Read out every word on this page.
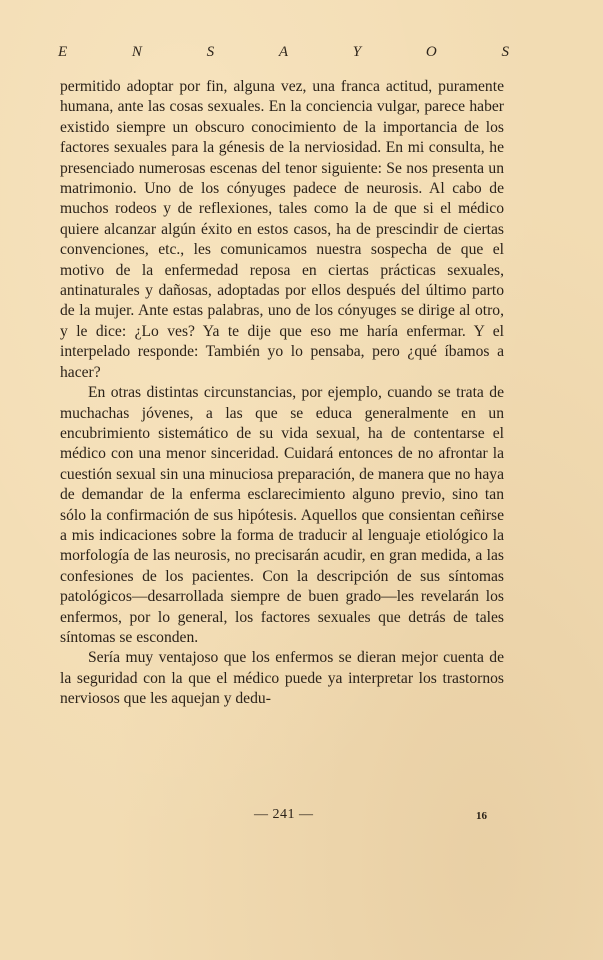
E	N	S	A	Y	O	S

permitido adoptar por fin, alguna vez, una franca actitud, puramente humana, ante las cosas sexuales. En la conciencia vulgar, parece haber existido siempre un obscuro conocimiento de la importancia de los factores sexuales para la génesis de la nerviosidad. En mi consulta, he presenciado numerosas escenas del tenor siguiente: Se nos presenta un matrimonio. Uno de los cónyuges padece de neurosis. Al cabo de muchos rodeos y de reflexiones, tales como la de que si el médico quiere alcanzar algún éxito en estos casos, ha de prescindir de ciertas convenciones, etc., les comunicamos nuestra sospecha de que el motivo de la enfermedad reposa en ciertas prácticas sexuales, antinaturales y dañosas, adoptadas por ellos después del último parto de la mujer. Ante estas palabras, uno de los cónyuges se dirige al otro, y le dice: ¿Lo ves? Ya te dije que eso me haría enfermar. Y el interpelado responde: También yo lo pensaba, pero ¿qué íbamos a hacer?

En otras distintas circunstancias, por ejemplo, cuando se trata de muchachas jóvenes, a las que se educa generalmente en un encubrimiento sistemático de su vida sexual, ha de contentarse el médico con una menor sinceridad. Cuidará entonces de no afrontar la cuestión sexual sin una minuciosa preparación, de manera que no haya de demandar de la enferma esclarecimiento alguno previo, sino tan sólo la confirmación de sus hipótesis. Aquellos que consientan ceñirse a mis indicaciones sobre la forma de traducir al lenguaje etiológico la morfología de las neurosis, no precisarán acudir, en gran medida, a las confesiones de los pacientes. Con la descripción de sus síntomas patológicos—desarrollada siempre de buen grado—les revelarán los enfermos, por lo general, los factores sexuales que detrás de tales síntomas se esconden.

Sería muy ventajoso que los enfermos se dieran mejor cuenta de la seguridad con la que el médico puede ya interpretar los trastornos nerviosos que les aquejan y dedu-

— 241 —	16
